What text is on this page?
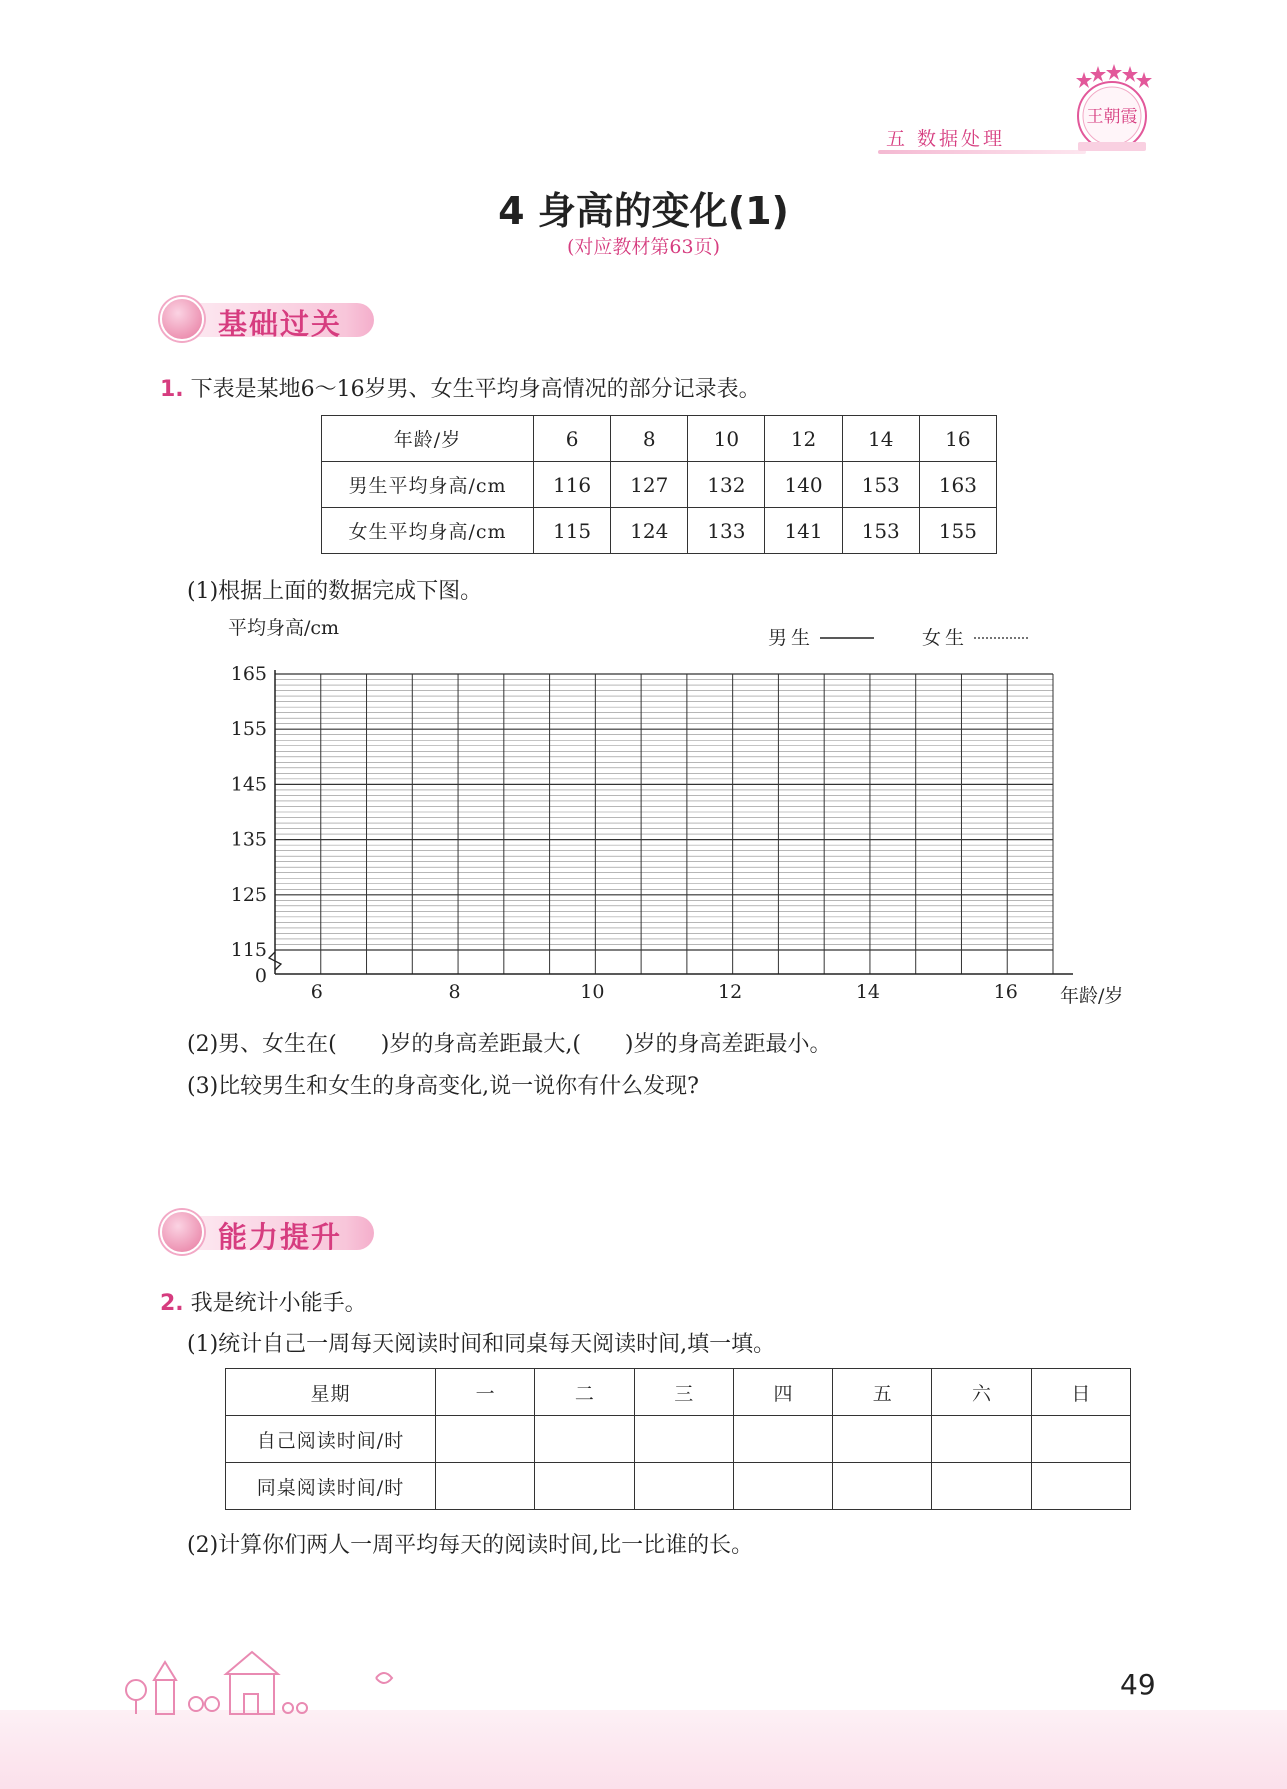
五 数据处理
王朝霞
4 身高的变化(1)
(对应教材第63页)
基础过关
1. 下表是某地6～16岁男、女生平均身高情况的部分记录表。
年龄/岁	6	8	10	12	14	16
男生平均身高/cm	116	127	132	140	153	163
女生平均身高/cm	115	124	133	141	153	155
(1)根据上面的数据完成下图。
0
115
125
135
145
155
165
6	8	10	12	14	16
平均身高/cm
年龄/岁
男生	女生
(2)男、女生在(　　)岁的身高差距最大,(　　)岁的身高差距最小。
(3)比较男生和女生的身高变化,说一说你有什么发现?
能力提升
2. 我是统计小能手。
(1)统计自己一周每天阅读时间和同桌每天阅读时间,填一填。
星期	一	二	三	四	五	六	日
自己阅读时间/时							
同桌阅读时间/时							
(2)计算你们两人一周平均每天的阅读时间,比一比谁的长。
49
